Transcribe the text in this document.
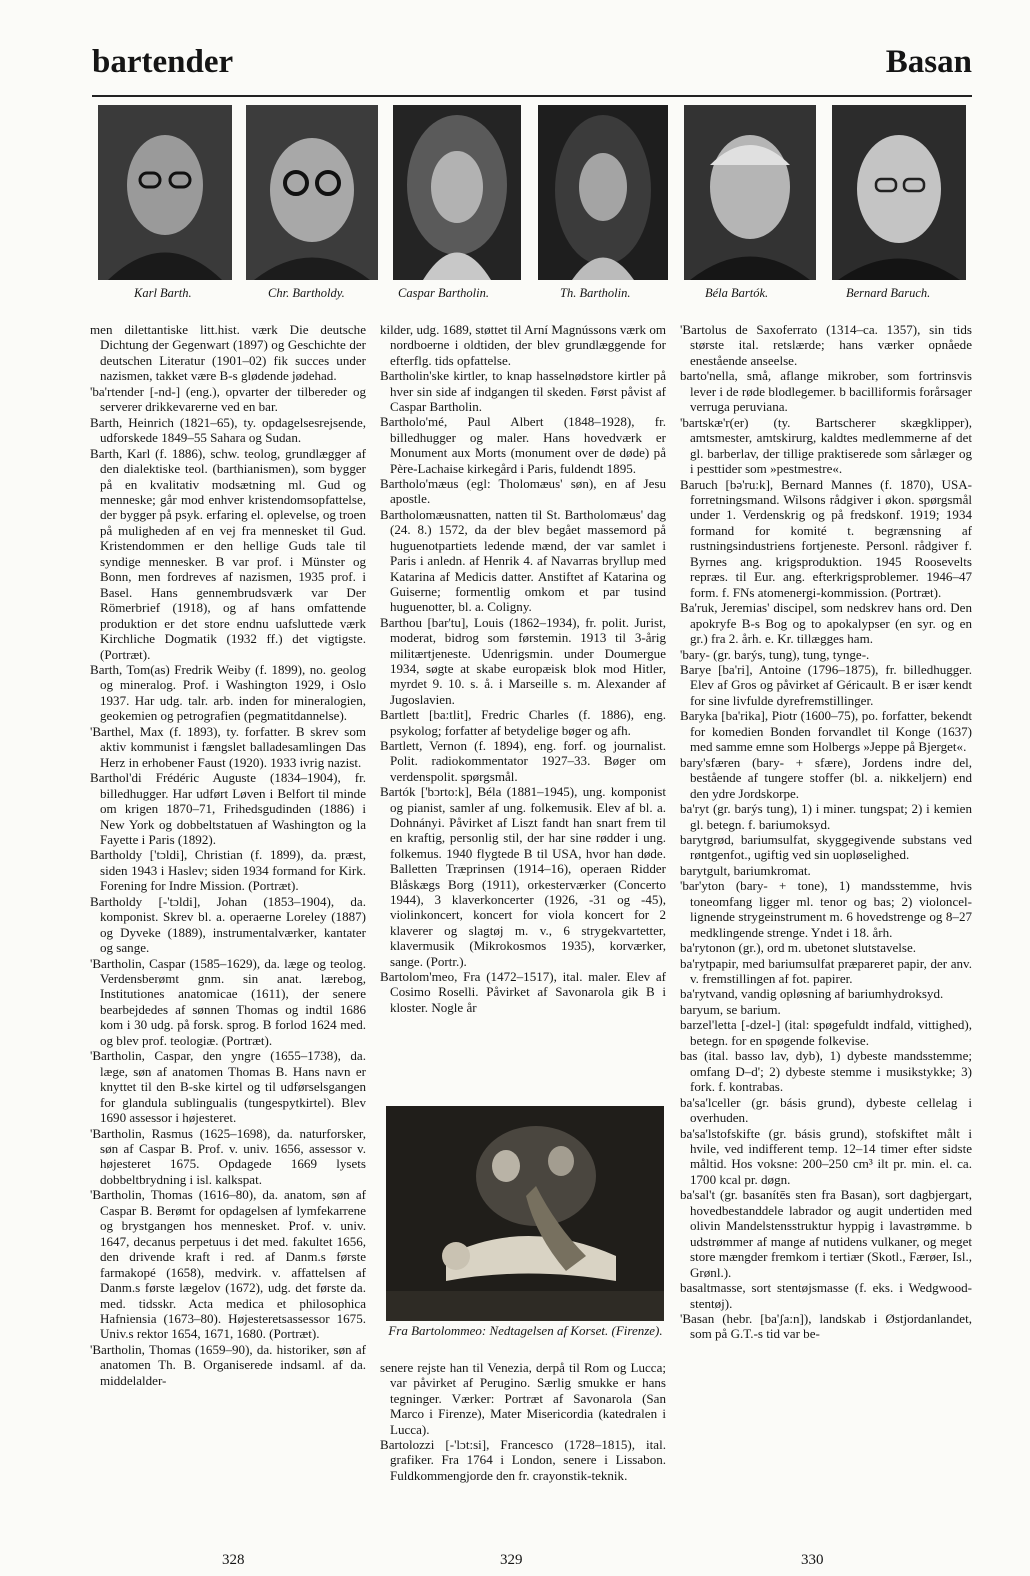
bartender	Basan
Karl Barth.	Chr. Bartholdy.	Caspar Bartholin.	Th. Bartholin.	Béla Bartók.	Bernard Baruch.

men dilettantiske litt.hist. værk Die deutsche Dichtung der Gegenwart (1897) og Geschichte der deutschen Literatur (1901–02) fik succes under nazismen, takket være B-s glødende jødehad.

'ba'rtender [-nd-] (eng.), opvarter der tilbereder og serverer drikkevarerne ved en bar.

Barth, Heinrich (1821–65), ty. opdagelsesrejsende, udforskede 1849–55 Sahara og Sudan.

Barth, Karl (f. 1886), schw. teolog, grundlægger af den dialektiske teol. (barthianismen), som bygger på en kvalitativ modsætning ml. Gud og menneske; går mod enhver kristendomsopfattelse, der bygger på psyk. erfaring el. oplevelse, og troen på muligheden af en vej fra mennesket til Gud. Kristendommen er den hellige Guds tale til syndige mennesker. B var prof. i Münster og Bonn, men fordreves af nazismen, 1935 prof. i Basel. Hans gennembrudsværk var Der Römerbrief (1918), og af hans omfattende produktion er det store endnu uafsluttede værk Kirchliche Dogmatik (1932 ff.) det vigtigste. (Portræt).

Barth, Tom(as) Fredrik Weiby (f. 1899), no. geolog og mineralog. Prof. i Washington 1929, i Oslo 1937. Har udg. talr. arb. inden for mineralogien, geokemien og petrografien (pegmatitdannelse).

'Barthel, Max (f. 1893), ty. forfatter. B skrev som aktiv kommunist i fængslet balladesamlingen Das Herz in erhobener Faust (1920). 1933 ivrig nazist.

Barthol'di Frédéric Auguste (1834–1904), fr. billedhugger. Har udført Løven i Belfort til minde om krigen 1870–71, Frihedsgudinden (1886) i New York og dobbeltstatuen af Washington og la Fayette i Paris (1892).

Bartholdy ['tɔldi], Christian (f. 1899), da. præst, siden 1943 i Haslev; siden 1934 formand for Kirk. Forening for Indre Mission. (Portræt).

Bartholdy [-'tɔldi], Johan (1853–1904), da. komponist. Skrev bl. a. operaerne Loreley (1887) og Dyveke (1889), instrumentalværker, kantater og sange.

'Bartholin, Caspar (1585–1629), da. læge og teolog. Verdensberømt gnm. sin anat. lærebog, Institutiones anatomicae (1611), der senere bearbejdedes af sønnen Thomas og indtil 1686 kom i 30 udg. på forsk. sprog. B forlod 1624 med. og blev prof. teologiæ. (Portræt).

'Bartholin, Caspar, den yngre (1655–1738), da. læge, søn af anatomen Thomas B. Hans navn er knyttet til den B-ske kirtel og til udførselsgangen for glandula sublingualis (tungespytkirtel). Blev 1690 assessor i højesteret.

'Bartholin, Rasmus (1625–1698), da. naturforsker, søn af Caspar B. Prof. v. univ. 1656, assessor v. højesteret 1675. Opdagede 1669 lysets dobbeltbrydning i isl. kalkspat.

'Bartholin, Thomas (1616–80), da. anatom, søn af Caspar B. Berømt for opdagelsen af lymfekarrene og brystgangen hos mennesket. Prof. v. univ. 1647, decanus perpetuus i det med. fakultet 1656, den drivende kraft i red. af Danm.s første farmakopé (1658), medvirk. v. affattelsen af Danm.s første lægelov (1672), udg. det første da. med. tidsskr. Acta medica et philosophica Hafniensia (1673–80). Højesteretsassessor 1675. Univ.s rektor 1654, 1671, 1680. (Portræt).

'Bartholin, Thomas (1659–90), da. historiker, søn af anatomen Th. B. Organiserede indsaml. af da. middelalder-

kilder, udg. 1689, støttet til Arní Magnússons værk om nordboerne i oldtiden, der blev grundlæggende for efterflg. tids opfattelse.

Bartholin'ske kirtler, to knap hasselnødstore kirtler på hver sin side af indgangen til skeden. Først påvist af Caspar Bartholin.

Bartholo'mé, Paul Albert (1848–1928), fr. billedhugger og maler. Hans hovedværk er Monument aux Morts (monument over de døde) på Père-Lachaise kirkegård i Paris, fuldendt 1895.

Bartholo'mæus (egl: Tholomæus' søn), en af Jesu apostle.

Bartholomæusnatten, natten til St. Bartholomæus' dag (24. 8.) 1572, da der blev begået massemord på huguenotpartiets ledende mænd, der var samlet i Paris i anledn. af Henrik 4. af Navarras bryllup med Katarina af Medicis datter. Anstiftet af Katarina og Guiserne; formentlig omkom et par tusind huguenotter, bl. a. Coligny.

Barthou [bar'tu], Louis (1862–1934), fr. polit. Jurist, moderat, bidrog som førstemin. 1913 til 3-årig militærtjeneste. Udenrigsmin. under Doumergue 1934, søgte at skabe europæisk blok mod Hitler, myrdet 9. 10. s. å. i Marseille s. m. Alexander af Jugoslavien.

Bartlett [ba:tlit], Fredric Charles (f. 1886), eng. psykolog; forfatter af betydelige bøger og afh.

Bartlett, Vernon (f. 1894), eng. forf. og journalist. Polit. radiokommentator 1927–33. Bøger om verdenspolit. spørgsmål.

Bartók ['bɔrto:k], Béla (1881–1945), ung. komponist og pianist, samler af ung. folkemusik. Elev af bl. a. Dohnányi. Påvirket af Liszt fandt han snart frem til en kraftig, personlig stil, der har sine rødder i ung. folkemus. 1940 flygtede B til USA, hvor han døde. Balletten Træprinsen (1914–16), operaen Ridder Blåskægs Borg (1911), orkesterværker (Concerto 1944), 3 klaverkoncerter (1926, -31 og -45), violinkoncert, koncert for viola koncert for 2 klaverer og slagtøj m. v., 6 strygekvartetter, klavermusik (Mikrokosmos 1935), korværker, sange. (Portr.).

Bartolom'meo, Fra (1472–1517), ital. maler. Elev af Cosimo Roselli. Påvirket af Savonarola gik B i kloster. Nogle år

Fra Bartolommeo: Nedtagelsen af Korset. (Firenze).

senere rejste han til Venezia, derpå til Rom og Lucca; var påvirket af Perugino. Særlig smukke er hans tegninger. Værker: Portræt af Savonarola (San Marco i Firenze), Mater Misericordia (katedralen i Lucca).

Bartolozzi [-'lɔt:si], Francesco (1728–1815), ital. grafiker. Fra 1764 i London, senere i Lissabon. Fuldkommengjorde den fr. crayonstik-teknik.

'Bartolus de Saxoferrato (1314–ca. 1357), sin tids største ital. retslærde; hans værker opnåede enestående anseelse.

barto'nella, små, aflange mikrober, som fortrinsvis lever i de røde blodlegemer. b bacilliformis forårsager verruga peruviana.

'bartskæ'r(er) (ty. Bartscherer skægklipper), amtsmester, amtskirurg, kaldtes medlemmerne af det gl. barberlav, der tillige praktiserede som sårlæger og i pesttider som »pestmestre«.

Baruch [bə'ru:k], Bernard Mannes (f. 1870), USA-forretningsmand. Wilsons rådgiver i økon. spørgsmål under 1. Verdenskrig og på fredskonf. 1919; 1934 formand for komité t. begrænsning af rustningsindustriens fortjeneste. Personl. rådgiver f. Byrnes ang. krigsproduktion. 1945 Roosevelts repræs. til Eur. ang. efterkrigsproblemer. 1946–47 form. f. FNs atomenergi-kommission. (Portræt).

Ba'ruk, Jeremias' discipel, som nedskrev hans ord. Den apokryfe B-s Bog og to apokalypser (en syr. og en gr.) fra 2. årh. e. Kr. tillægges ham.

'bary- (gr. barýs, tung), tung, tynge-.

Barye [ba'ri], Antoine (1796–1875), fr. billedhugger. Elev af Gros og påvirket af Géricault. B er især kendt for sine livfulde dyrefremstillinger.

Baryka [ba'rika], Piotr (1600–75), po. forfatter, bekendt for komedien Bonden forvandlet til Konge (1637) med samme emne som Holbergs »Jeppe på Bjerget«.

bary'sfæren (bary- + sfære), Jordens indre del, bestående af tungere stoffer (bl. a. nikkeljern) end den ydre Jordskorpe.

ba'ryt (gr. barýs tung), 1) i miner. tungspat; 2) i kemien gl. betegn. f. bariumoksyd.

barytgrød, bariumsulfat, skyggegivende substans ved røntgenfot., ugiftig ved sin uopløselighed.

barytgult, bariumkromat.

'bar'yton (bary- + tone), 1) mandsstemme, hvis toneomfang ligger ml. tenor og bas; 2) violoncel-lignende strygeinstrument m. 6 hovedstrenge og 8–27 medklingende strenge. Yndet i 18. årh.

ba'rytonon (gr.), ord m. ubetonet slutstavelse.

ba'rytpapir, med bariumsulfat præpareret papir, der anv. v. fremstillingen af fot. papirer.

ba'rytvand, vandig opløsning af bariumhydroksyd.

baryum, se barium.

barzel'letta [-dzel-] (ital: spøgefuldt indfald, vittighed), betegn. for en spøgende folkevise.

bas (ital. basso lav, dyb), 1) dybeste mandsstemme; omfang D–d'; 2) dybeste stemme i musikstykke; 3) fork. f. kontrabas.

ba'sa'lceller (gr. básis grund), dybeste cellelag i overhuden.

ba'sa'lstofskifte (gr. básis grund), stofskiftet målt i hvile, ved indifferent temp. 12–14 timer efter sidste måltid. Hos voksne: 200–250 cm³ ilt pr. min. el. ca. 1700 kcal pr. døgn.

ba'sal't (gr. basanítēs sten fra Basan), sort dagbjergart, hovedbestanddele labrador og augit undertiden med olivin Mandelstensstruktur hyppig i lavastrømme. b udstrømmer af mange af nutidens vulkaner, og meget store mængder fremkom i tertiær (Skotl., Færøer, Isl., Grønl.).

basaltmasse, sort stentøjsmasse (f. eks. i Wedgwood-stentøj).

'Basan (hebr. [ba'ʃa:n]), landskab i Østjordanlandet, som på G.T.-s tid var be-

328	329	330
